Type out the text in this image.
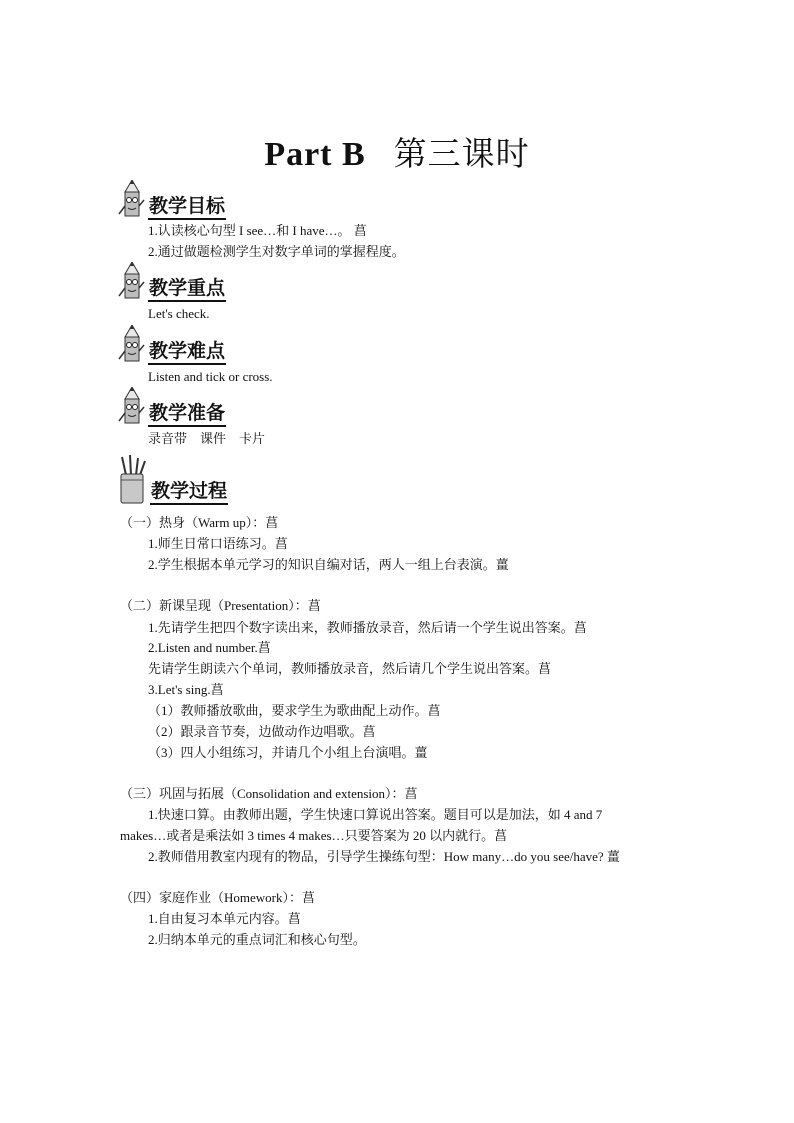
Part B 第三课时
教学目标
1.认读核心句型 I see…和 I have…。 菖
2.通过做题检测学生对数字单词的掌握程度。
教学重点
Let's check.
教学难点
Listen and tick or cross.
教学准备
录音带　课件　卡片
教学过程
（一）热身（Warm up）：菖
1.师生日常口语练习。菖
2.学生根据本单元学习的知识自编对话，两人一组上台表演。薑
（二）新课呈现（Presentation）：菖
1.先请学生把四个数字读出来，教师播放录音，然后请一个学生说出答案。菖
2.Listen and number.菖
先请学生朗读六个单词，教师播放录音，然后请几个学生说出答案。菖
3.Let's sing.菖
（1）教师播放歌曲，要求学生为歌曲配上动作。菖
（2）跟录音节奏，边做动作边唱歌。菖
（3）四人小组练习，并请几个小组上台演唱。薑
（三）巩固与拓展（Consolidation and extension）：菖
1.快速口算。由教师出题，学生快速口算说出答案。题目可以是加法，如 4 and 7
makes…或者是乘法如 3 times 4 makes…只要答案为 20 以内就行。菖
2.教师借用教室内现有的物品，引导学生操练句型：How many…do you see/have? 薑
（四）家庭作业（Homework）：菖
1.自由复习本单元内容。菖
2.归纳本单元的重点词汇和核心句型。
